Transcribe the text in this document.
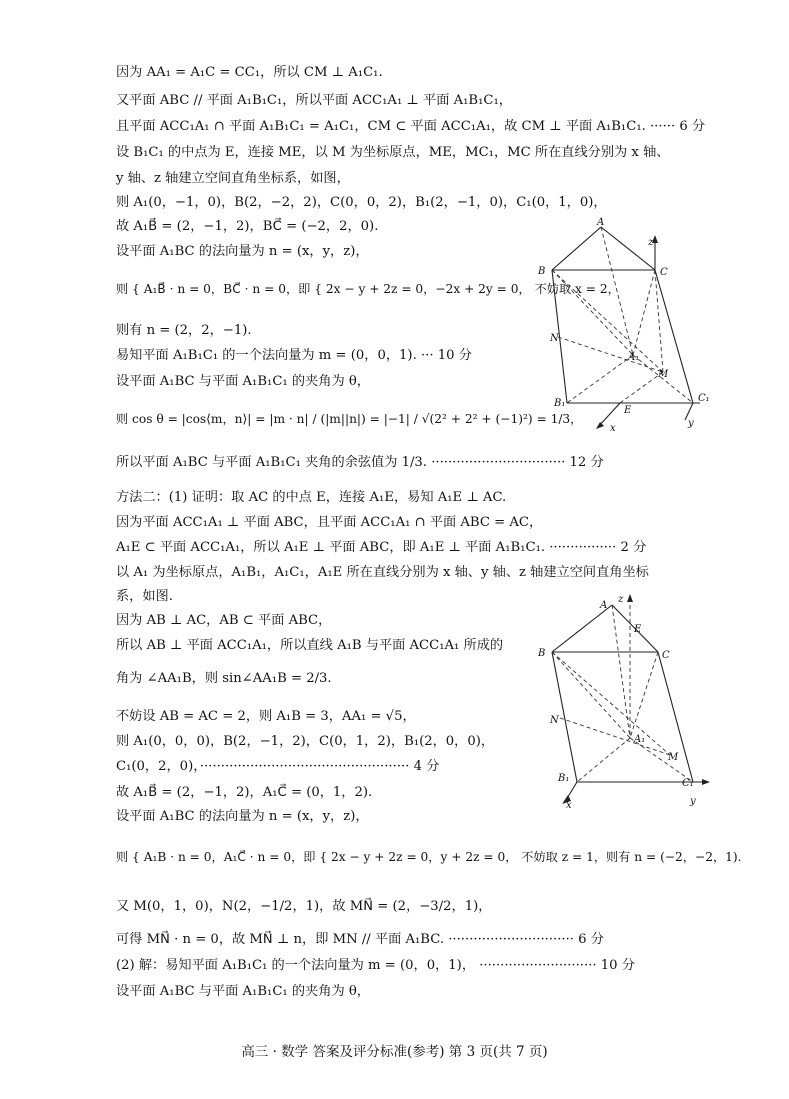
因为 AA₁ = A₁C = CC₁，所以 CM ⊥ A₁C₁.
又平面 ABC // 平面 A₁B₁C₁，所以平面 ACC₁A₁ ⊥ 平面 A₁B₁C₁，
且平面 ACC₁A₁ ∩ 平面 A₁B₁C₁ = A₁C₁，CM ⊂ 平面 ACC₁A₁，故 CM ⊥ 平面 A₁B₁C₁. ······ 6 分
设 B₁C₁ 的中点为 E，连接 ME，以 M 为坐标原点，ME，MC₁，MC 所在直线分别为 x 轴、
y 轴、z 轴建立空间直角坐标系，如图，
则 A₁(0，−1，0)，B(2，−2，2)，C(0，0，2)，B₁(2，−1，0)，C₁(0，1，0)，
故 A₁B⃗ = (2，−1，2)，BC⃗ = (−2，2，0).
设平面 A₁BC 的法向量为 n = (x，y，z)，
则 { A₁B⃗ · n = 0，BC⃗ · n = 0，即 { 2x − y + 2z = 0，−2x + 2y = 0， 不妨取 x = 2，
则有 n = (2，2，−1).
易知平面 A₁B₁C₁ 的一个法向量为 m = (0，0，1). ··· 10 分
设平面 A₁BC 与平面 A₁B₁C₁ 的夹角为 θ，
则 cos θ = |cos⟨m，n⟩| = |m · n| / (|m||n|) = |−1| / √(2² + 2² + (−1)²) = 1/3，
所以平面 A₁BC 与平面 A₁B₁C₁ 夹角的余弦值为 1/3. ································ 12 分
方法二：(1) 证明：取 AC 的中点 E，连接 A₁E，易知 A₁E ⊥ AC.
因为平面 ACC₁A₁ ⊥ 平面 ABC，且平面 ACC₁A₁ ∩ 平面 ABC = AC，
A₁E ⊂ 平面 ACC₁A₁，所以 A₁E ⊥ 平面 ABC，即 A₁E ⊥ 平面 A₁B₁C₁. ················ 2 分
以 A₁ 为坐标原点，A₁B₁，A₁C₁，A₁E 所在直线分别为 x 轴、y 轴、z 轴建立空间直角坐标
系，如图.
因为 AB ⊥ AC，AB ⊂ 平面 ABC，
所以 AB ⊥ 平面 ACC₁A₁，所以直线 A₁B 与平面 ACC₁A₁ 所成的
角为 ∠AA₁B，则 sin∠AA₁B = 2/3.
不妨设 AB = AC = 2，则 A₁B = 3，AA₁ = √5，
则 A₁(0，0，0)，B(2，−1，2)，C(0，1，2)，B₁(2，0，0)，
C₁(0，2，0)，·················································· 4 分
故 A₁B⃗ = (2，−1，2)，A₁C⃗ = (0，1，2).
设平面 A₁BC 的法向量为 n = (x，y，z)，
则 { A₁B · n = 0，A₁C⃗ · n = 0，即 { 2x − y + 2z = 0，y + 2z = 0， 不妨取 z = 1，则有 n = (−2，−2，1).
又 M(0，1，0)，N(2，−1/2，1)，故 MN⃗ = (2，−3/2，1)，
可得 MN⃗ · n = 0，故 MN⃗ ⊥ n，即 MN // 平面 A₁BC. ······························ 6 分
(2) 解：易知平面 A₁B₁C₁ 的一个法向量为 m = (0，0，1)， ···························· 10 分
设平面 A₁BC 与平面 A₁B₁C₁ 的夹角为 θ，
A
B	C
z
N
A₁
M
B₁
E
C₁
x	y
A
z
E
B	C
N
A₁
M
B₁	C₁
x	y
高三 · 数学 答案及评分标准(参考) 第 3 页(共 7 页)
